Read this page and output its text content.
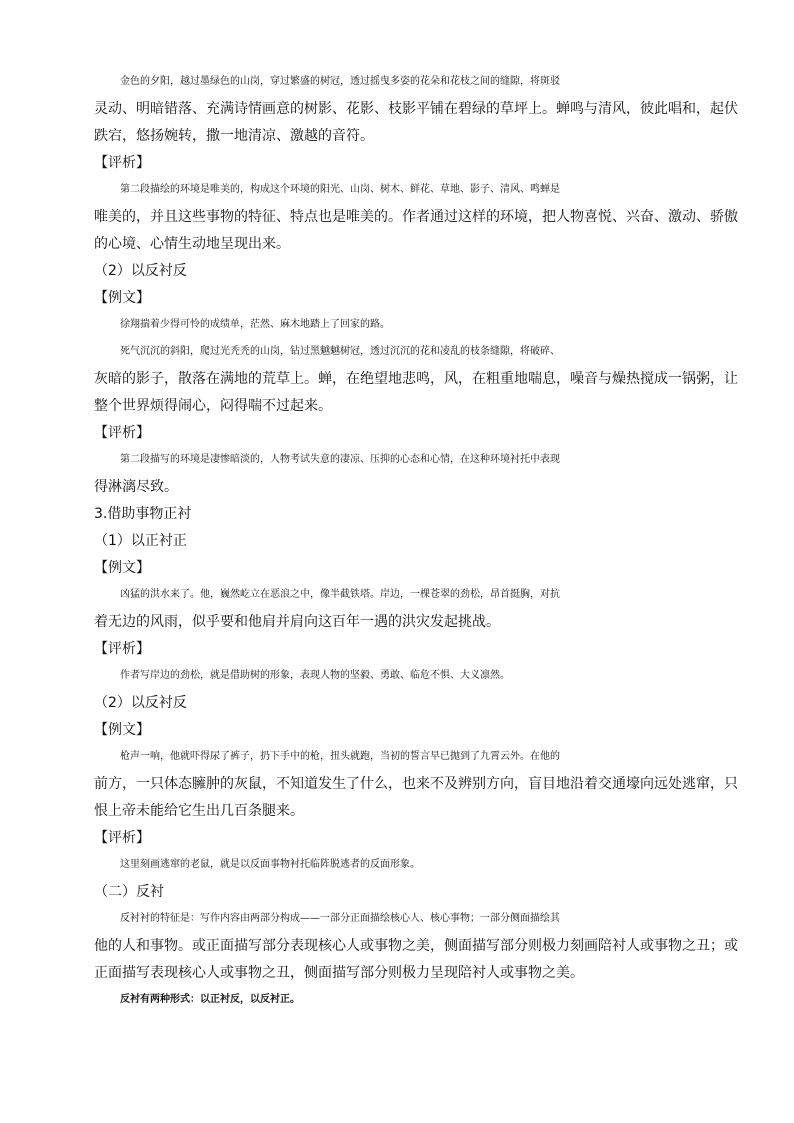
金色的夕阳，越过墨绿色的山岗，穿过繁盛的树冠，透过摇曳多姿的花朵和花枝之间的缝隙，将斑驳
灵动、明暗错落、充满诗情画意的树影、花影、枝影平铺在碧绿的草坪上。蝉鸣与清风，彼此唱和，起伏
跌宕，悠扬婉转，撒一地清凉、激越的音符。
【评析】
第二段描绘的环境是唯美的，构成这个环境的阳光、山岗、树木、鲜花、草地、影子、清风、鸣蝉是
唯美的，并且这些事物的特征、特点也是唯美的。作者通过这样的环境，把人物喜悦、兴奋、激动、骄傲
的心境、心情生动地呈现出来。
（2）以反衬反
【例文】
徐翔揣着少得可怜的成绩单，茫然、麻木地踏上了回家的路。
死气沉沉的斜阳，爬过光秃秃的山岗，钻过黑魆魆树冠，透过沉沉的花和凌乱的枝条缝隙，将破碎、
灰暗的影子，散落在满地的荒草上。蝉，在绝望地悲鸣，风，在粗重地喘息，噪音与燥热搅成一锅粥，让
整个世界烦得闹心，闷得喘不过起来。
【评析】
第二段描写的环境是凄惨暗淡的，人物考试失意的凄凉、压抑的心态和心情，在这种环境衬托中表现
得淋漓尽致。
3.借助事物正衬
（1）以正衬正
【例文】
凶猛的洪水来了。他，巍然屹立在恶浪之中，像半截铁塔。岸边，一棵苍翠的劲松，昂首挺胸，对抗
着无边的风雨，似乎要和他肩并肩向这百年一遇的洪灾发起挑战。
【评析】
作者写岸边的劲松，就是借助树的形象，表现人物的坚毅、勇敢、临危不惧、大义凛然。
（2）以反衬反
【例文】
枪声一响，他就吓得尿了裤子，扔下手中的枪，扭头就跑，当初的誓言早已抛到了九霄云外。在他的
前方，一只体态臃肿的灰鼠，不知道发生了什么，也来不及辨别方向，盲目地沿着交通壕向远处逃窜，只
恨上帝未能给它生出几百条腿来。
【评析】
这里刻画逃窜的老鼠，就是以反面事物衬托临阵脱逃者的反面形象。
（二）反衬
反衬衬的特征是：写作内容由两部分构成——一部分正面描绘核心人、核心事物；一部分侧面描绘其
他的人和事物。或正面描写部分表现核心人或事物之美，侧面描写部分则极力刻画陪衬人或事物之丑；或
正面描写表现核心人或事物之丑，侧面描写部分则极力呈现陪衬人或事物之美。
反衬有两种形式：以正衬反，以反衬正。
